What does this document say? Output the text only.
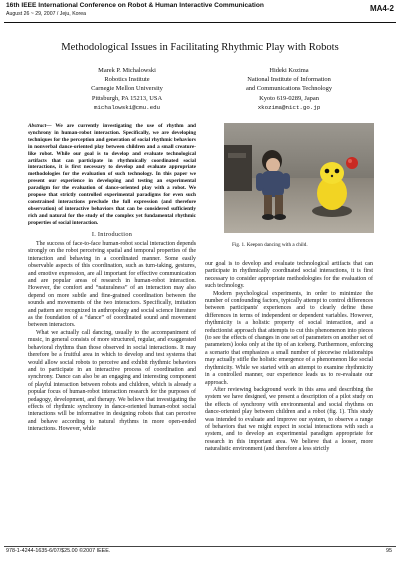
16th IEEE International Conference on Robot & Human Interactive Communication
August 26 ~ 29, 2007 / Jeju, Korea
MA4-2
Methodological Issues in Facilitating Rhythmic Play with Robots
Marek P. Michalowski
Robotics Institute
Carnegie Mellon University
Pittsburgh, PA 15213, USA
michalowski@cmu.edu
Hideki Kozima
National Institute of Information
and Communications Technology
Kyoto 619-0289, Japan
xkozima@nict.go.jp
Abstract— We are currently investigating the use of rhythm and synchrony in human-robot interaction. Specifically, we are developing techniques for the perception and generation of social rhythmic behaviors in nonverbal dance-oriented play between children and a small creature-like robot. While our goal is to develop and evaluate technological artifacts that can participate in rhythmically coordinated social interactions, it is first necessary to develop and evaluate appropriate methodologies for the evaluation of such technology. In this paper we present our experience in developing and testing an experimental paradigm for the evaluation of dance-oriented play with a robot. We propose that strictly controlled experimental paradigms for even such constrained interactions preclude the full expression (and therefore observation) of interactive behaviors that can be considered sufficiently rich and natural for the study of the complex yet fundamental rhythmic properties of social interaction.
I. Introduction

The success of face-to-face human-robot social interaction depends strongly on the robot perceiving spatial and temporal properties of the interaction and behaving in a coordinated manner. Some easily observable aspects of this coordination, such as turn-taking, gestures, and emotive expression, are all important for effective communication and are popular areas of research in human-robot interaction. However, the comfort and “naturalness” of an interaction may also depend on more subtle and fine-grained coordination between the sounds and movements of the two interactors. Specifically, imitation and pattern are recognized in anthropology and social science literature as the foundation of a “dance” of coordinated sound and movement between interactors.

What we actually call dancing, usually to the accompaniment of music, in general consists of more structured, regular, and exaggerated behavioral rhythms than those observed in social interactions. It may therefore be a fruitful area in which to develop and test systems that would allow social robots to perceive and exhibit rhythmic behaviors and to participate in an interactive process of coordination and synchrony. Dance can also be an engaging and interesting component of playful interaction between robots and children, which is already a popular focus of human-robot interaction research for the purposes of pedagogy, development, and therapy. We believe that investigating the effects of rhythmic synchrony in dance-oriented human-robot social interactions will be informative in designing robots that can perceive and behave according to natural rhythms in more open-ended interactions. However, while

Fig. 1. Keepon dancing with a child.

our goal is to develop and evaluate technological artifacts that can participate in rhythmically coordinated social interactions, it is first necessary to consider appropriate methodologies for the evaluation of such technology.

Modern psychological experiments, in order to minimize the number of confounding factors, typically attempt to control differences between participants' experiences and to clearly define these differences in terms of independent or dependent variables. However, rhythmicity is a holistic property of social interaction, and a reductionist approach that attempts to cut this phenomenon into pieces (to see the effects of changes in one set of parameters on another set of parameters) looks only at the tip of an iceberg. Furthermore, enforcing a scenario that emphasizes a small number of piecewise relationships may actually stifle the holistic emergence of a phenomenon like social rhythmicity. While we started with an attempt to examine rhythmicity in a controlled manner, our experience leads us to re-evaluate our approach.

After reviewing background work in this area and describing the system we have designed, we present a description of a pilot study on the effects of synchrony with environmental and social rhythms on dance-oriented play between children and a robot (fig. 1). This study was intended to evaluate and improve our system, to observe a range of behaviors that we might expect in social interactions with such a system, and to develop an experimental paradigm appropriate for research in this important area. We believe that a looser, more naturalistic environment (and therefore a less strictly

978-1-4244-1635-6/07/$25.00 ©2007 IEEE.	95
